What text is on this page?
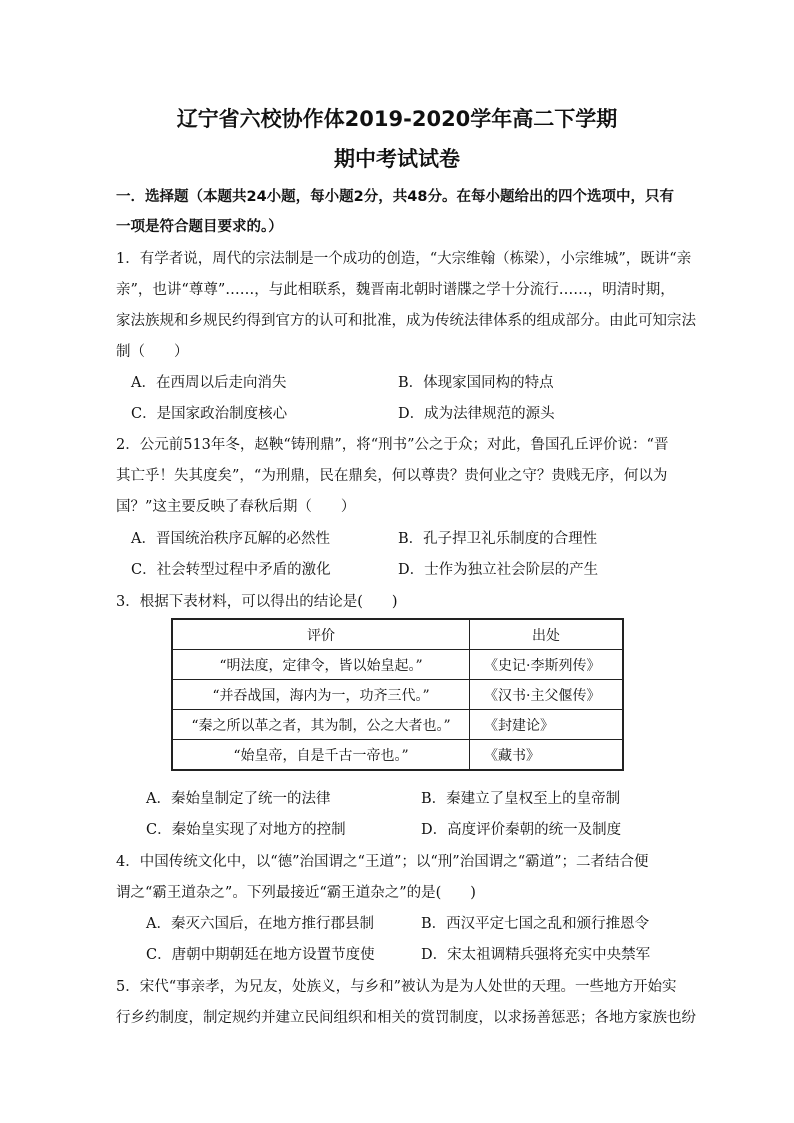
辽宁省六校协作体2019-2020学年高二下学期
期中考试试卷
一．选择题（本题共24小题，每小题2分，共48分。在每小题给出的四个选项中，只有
一项是符合题目要求的。）
1．有学者说，周代的宗法制是一个成功的创造，“大宗维翰（栋梁），小宗维城”，既讲“亲
亲”，也讲“尊尊”……，与此相联系，魏晋南北朝时谱牒之学十分流行……，明清时期，
家法族规和乡规民约得到官方的认可和批准，成为传统法律体系的组成部分。由此可知宗法
制（　　）
A．在西周以后走向消失	B．体现家国同构的特点
C．是国家政治制度核心	D．成为法律规范的源头
2．公元前513年冬，赵鞅“铸刑鼎”，将“刑书”公之于众；对此，鲁国孔丘评价说：“晋
其亡乎！失其度矣”，“为刑鼎，民在鼎矣，何以尊贵？贵何业之守？贵贱无序，何以为
国？”这主要反映了春秋后期（　　）
A．晋国统治秩序瓦解的必然性	B．孔子捍卫礼乐制度的合理性
C．社会转型过程中矛盾的激化	D．士作为独立社会阶层的产生
3．根据下表材料，可以得出的结论是(　　)
评价	出处
“明法度，定律令，皆以始皇起。”	《史记·李斯列传》
“并吞战国，海内为一，功齐三代。”	《汉书·主父偃传》
“秦之所以革之者，其为制，公之大者也。”	《封建论》
“始皇帝，自是千古一帝也。”	《藏书》
A．秦始皇制定了统一的法律	B．秦建立了皇权至上的皇帝制
C．秦始皇实现了对地方的控制	D．高度评价秦朝的统一及制度
4．中国传统文化中，以“德”治国谓之“王道”；以“刑”治国谓之“霸道”；二者结合便
谓之“霸王道杂之”。下列最接近“霸王道杂之”的是(　　)
A．秦灭六国后，在地方推行郡县制	B．西汉平定七国之乱和颁行推恩令
C．唐朝中期朝廷在地方设置节度使	D．宋太祖调精兵强将充实中央禁军
5．宋代“事亲孝，为兄友，处族义，与乡和”被认为是为人处世的天理。一些地方开始实
行乡约制度，制定规约并建立民间组织和相关的赏罚制度，以求扬善惩恶；各地方家族也纷
